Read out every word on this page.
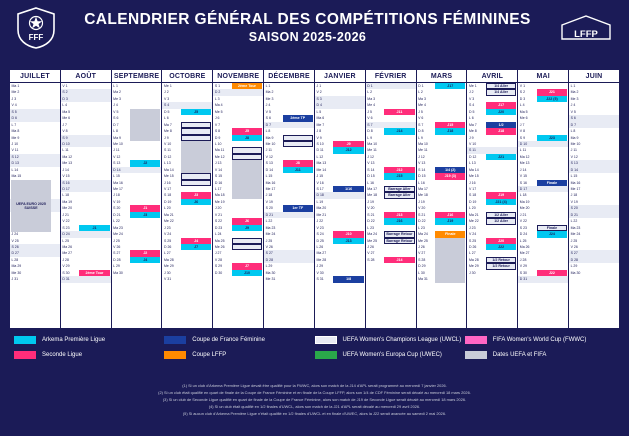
FFF
CALENDRIER GÉNÉRAL DES COMPÉTITIONS FÉMININES
SAISON 2025-2026	LFFP
JUILLET
Ma 1
Me 2
J 3
V 4
S 5
D 6
L 7
Ma 8
Me 9
J 10
V 11
S 12
D 13
L 14
Ma 15
J 24
V 25
S 26
D 27
L 28
Ma 29
Me 30
J 31
AOÛT
V 1
S 2
D 3
L 4
Ma 5
Me 6
J 7
V 8
S 9
D 10
L 11
Ma 12
Me 13
J 14
V 15
S 16
D 17
L 18
Ma 19
Me 20
J 21
V 22
S 23	J1
D 24
L 25
Ma 26
Me 27
J 28
V 29
S 30	2ème Tour
D 31
SEPTEMBRE
L 1
Ma 2
Me 3
J 4
V 5
S 6
D 7
L 8
Ma 9
Me 10
J 11
V 12
S 13	J2
D 14
L 15
Ma 16
Me 17
J 18
V 19
S 20	J1
D 21	J3
L 22
Ma 23
Me 24
J 25
V 26
S 27	J2
D 28	J4
L 29
Ma 30
OCTOBRE
Me 1
J 2
V 3
S 4
D 5	J5
L 6
Ma 7
Me 8
J 9
V 10
S 11
D 12
L 13
Ma 14
Me 15
J 16
V 17
S 18	J3
D 19	J6
L 20
Ma 21
Me 22
J 23
V 24
S 25	J4
D 26	J7
L 27
Ma 28
Me 29
J 30
V 31
NOVEMBRE
S 1	2ème Tour
D 2
L 3
Ma 4
Me 5
J 6
V 7
S 8	J5
D 9	J8
L 10
Ma 11
Me 12
J 13
V 14
S 15
D 16
L 17
Ma 18
Me 19
J 20
V 21
S 22	J6
D 23	J9
L 24
Ma 25
Me 26
J 27
V 28
S 29	J7
D 30	J10
DÉCEMBRE
L 1
Ma 2
Me 3
J 4
V 5
S 6	2ème TP
D 7
L 8
Ma 9
Me 10
J 11
V 12
S 13	J8
D 14	J11
L 15
Ma 16
Me 17
J 18
V 19
S 20	1er TF
D 21
L 22
Ma 23
Me 24
J 25
V 26
S 27
D 28
L 29
Ma 30
Me 31
JANVIER
J 1
V 2
S 3
D 4
L 5
Ma 6
Me 7
J 8
V 9
S 10	J9
D 11	J12
L 12
Ma 13
Me 14
J 15
V 16
S 17	1/16
D 18
L 19
Ma 20
Me 21
J 22
V 23
S 24	J10
D 25	J13
L 26
Ma 27
Me 28
J 29
V 30
S 31	1/8
FÉVRIER
D 1
L 2
Ma 3
Me 4
J 5	J11
V 6
S 7
D 8	J14
L 9
Ma 10
Me 11
J 12
V 13
S 14	J12
D 15	J15
L 16
Ma 17	Barrage Aller
Me 18	Barrage Aller
J 19
V 20
S 21	J13
D 22	J16
L 23
Ma 24	Barrage Retour
Me 25	Barrage Retour
J 26
V 27
S 28	J14
MARS
D 1	J17
L 2
Ma 3
Me 4
J 5
V 6
S 7	J15
D 8	J18
L 9
Ma 10
Me 11
J 12
V 13
S 14	1/4 (2)
D 15	J19 (3)
L 16
Ma 17
Me 18
J 19
V 20
S 21	J16
D 22	J19
L 23
Ma 24	Finale
Me 25
J 26
V 27
S 28
D 29
L 30
Ma 31
AVRIL
Me 1	1/4 Aller
J 2	1/4 Aller
V 3
S 4	J17
D 5	J20
L 6
Ma 7	1/2
Me 8	J18
J 9
V 10
S 11
D 12	J21
L 13
Ma 14
Me 15
J 16
V 17
S 18	J19
D 19	J21 (4)
L 20
Ma 21	1/2 Aller
Me 22	1/2 Aller
J 23
V 24
S 25	J20
D 26	J22
L 27
Ma 28	1/2 Retour
Me 29	1/2 Retour
J 30
MAI
V 1
S 2	J21
D 3	J22 (5)
L 4
Ma 5
Me 6
J 7
V 8
S 9	J23
D 10
L 11
Ma 12
Me 13
J 14
V 15
S 16	Finale
D 17
L 18
Ma 19
Me 20
J 21
V 22
S 23	Finale
D 24	J24
L 25
Ma 26
Me 27
J 28
V 29
S 30	J22
D 31
JUIN
L 1
Ma 2
Me 3
J 4
V 5
S 6
D 7
L 8
Ma 9
Me 10
J 11
V 12
S 13
D 14
L 15
Ma 16
Me 17
J 18
V 19
S 20
D 21
L 22
Ma 23
Me 24
J 25
V 26
S 27
D 28
L 29
Ma 30
UEFA EURO 2025 SUISSE
Arkema Première Ligue
Seconde Ligue
Coupe de France Féminine
Coupe LFFP
UEFA Women's Champions League (UWCL)
UEFA Women's Europa Cup (UWEC)
FIFA Women's World Cup (FWWC)
Dates UEFA et FIFA
(1) Si un club d'Arkema Première Ligue devait être qualifié pour la FWWC, alors son match de la J14 d'APL serait programmé au mercredi 7 janvier 2026.
(2) Si un club était qualifié en quart de finale de la Coupe de France Féminine et en finale de la Coupe LFFP, alors son 1/4 de CDF Féminine serait décalé au mercredi 18 mars 2026.
(3) Si un club de Seconde Ligue qualifié en quart de finale de la Coupe de France Féminine, alors son match de J19 de Seconde Ligue serait décalé au mercredi 18 mars 2026.
(4) Si un club était qualifié en 1/2 finales d'UWCL, alors son match de la J21 d'APL serait décalé au mercredi 29 avril 2026.
(5) Si aucun club d'Arkema Première Ligue n'était qualifié en 1/2 finales d'UWCL et en finale d'UWEC, alors la J22 serait avancée au samedi 2 mai 2026.
